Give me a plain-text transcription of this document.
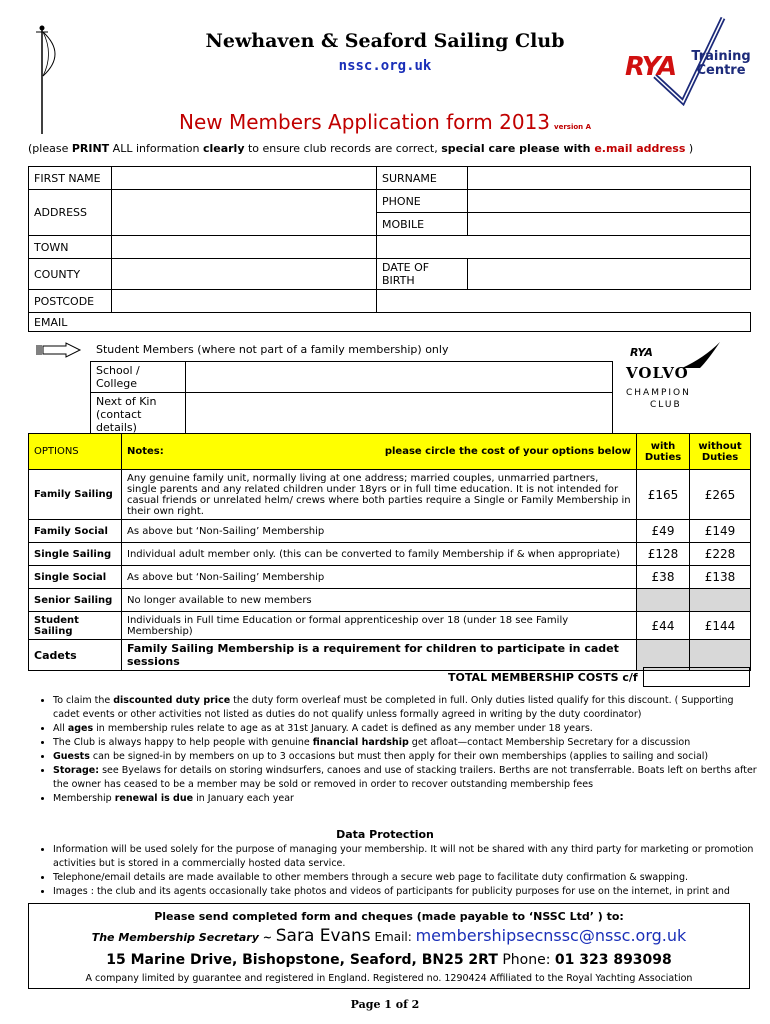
Newhaven & Seaford Sailing Club
nssc.org.uk	RYA	Training Centre
New Members Application form 2013 version A
(please PRINT ALL information clearly to ensure club records are correct, special care please with e.mail address )
FIRST NAME		SURNAME	
ADDRESS		PHONE	
		MOBILE	
TOWN			
COUNTY		DATE OF BIRTH	
POSTCODE			
EMAIL
Student Members (where not part of a family membership) only
School / College	
Next of Kin
(contact details)	
RYA
VOLVO
CHAMPION
CLUB
OPTIONS	Notes: please circle the cost of your options below	with Duties	without Duties
Family Sailing	Any genuine family unit, normally living at one address; married couples, unmarried partners, single parents and any related children under 18yrs or in full time education. It is not intended for casual friends or unrelated helm/ crews where both parties require a Single or Family Membership in their own right.	£165	£265
Family Social	As above but ‘Non-Sailing’ Membership	£49	£149
Single Sailing	Individual adult member only. (this can be converted to family Membership if & when appropriate)	£128	£228
Single Social	As above but ‘Non-Sailing’ Membership	£38	£138
Senior Sailing	No longer available to new members		
Student Sailing	Individuals in Full time Education or formal apprenticeship over 18 (under 18 see Family Membership)	£44	£144
Cadets	Family Sailing Membership is a requirement for children to participate in cadet sessions		
TOTAL MEMBERSHIP COSTS c/f
• To claim the discounted duty price the duty form overleaf must be completed in full. Only duties listed qualify for this discount. ( Supporting cadet events or other activities not listed as duties do not qualify unless formally agreed in writing by the duty coordinator)
• All ages in membership rules relate to age as at 31st January. A cadet is defined as any member under 18 years.
• The Club is always happy to help people with genuine financial hardship get afloat—contact Membership Secretary for a discussion
• Guests can be signed-in by members on up to 3 occasions but must then apply for their own memberships (applies to sailing and social)
• Storage: see Byelaws for details on storing windsurfers, canoes and use of stacking trailers. Berths are not transferrable. Boats left on berths after the owner has ceased to be a member may be sold or removed in order to recover outstanding membership fees
• Membership renewal is due in January each year
Data Protection
• Information will be used solely for the purpose of managing your membership. It will not be shared with any third party for marketing or promotion activities but is stored in a commercially hosted data service.
• Telephone/email details are made available to other members through a secure web page to facilitate duty confirmation & swapping.
• Images : the club and its agents occasionally take photos and videos of participants for publicity purposes for use on the internet, in print and
Please send completed form and cheques (made payable to ‘NSSC Ltd’ ) to:
The Membership Secretary ~ Sara Evans Email: membershipsecnssc@nssc.org.uk
15 Marine Drive, Bishopstone, Seaford, BN25 2RT Phone: 01 323 893098
A company limited by guarantee and registered in England. Registered no. 1290424 Affiliated to the Royal Yachting Association
Page 1 of 2
